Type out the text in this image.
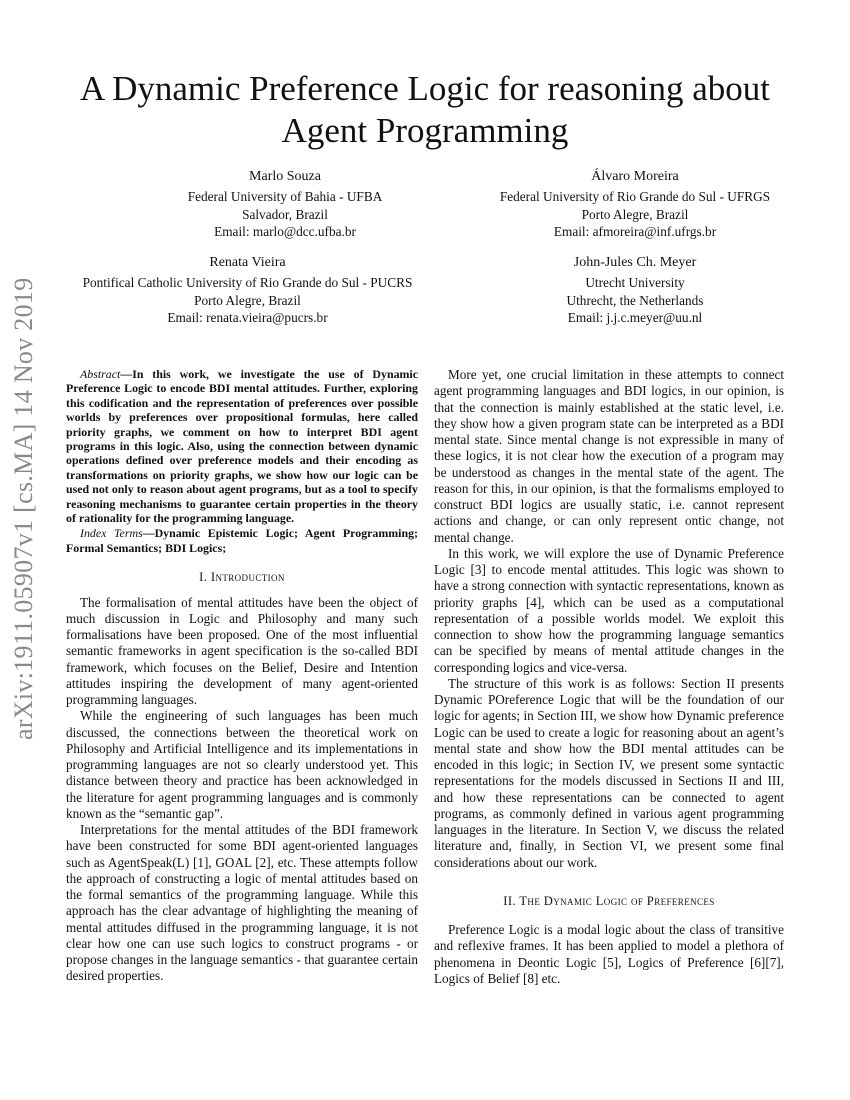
A Dynamic Preference Logic for reasoning about Agent Programming
arXiv:1911.05907v1 [cs.MA] 14 Nov 2019
Marlo Souza
Federal University of Bahia - UFBA
Salvador, Brazil
Email: marlo@dcc.ufba.br
Álvaro Moreira
Federal University of Rio Grande do Sul - UFRGS
Porto Alegre, Brazil
Email: afmoreira@inf.ufrgs.br
Renata Vieira
Pontifical Catholic University of Rio Grande do Sul - PUCRS
Porto Alegre, Brazil
Email: renata.vieira@pucrs.br
John-Jules Ch. Meyer
Utrecht University
Uthrecht, the Netherlands
Email: j.j.c.meyer@uu.nl

Abstract—In this work, we investigate the use of Dynamic Preference Logic to encode BDI mental attitudes. Further, exploring this codification and the representation of preferences over possible worlds by preferences over propositional formulas, here called priority graphs, we comment on how to interpret BDI agent programs in this logic. Also, using the connection between dynamic operations defined over preference models and their encoding as transformations on priority graphs, we show how our logic can be used not only to reason about agent programs, but as a tool to specify reasoning mechanisms to guarantee certain properties in the theory of rationality for the programming language.

Index Terms—Dynamic Epistemic Logic; Agent Programming; Formal Semantics; BDI Logics;

I. Introduction

The formalisation of mental attitudes have been the object of much discussion in Logic and Philosophy and many such formalisations have been proposed. One of the most influential semantic frameworks in agent specification is the so-called BDI framework, which focuses on the Belief, Desire and Intention attitudes inspiring the development of many agent-oriented programming languages.

While the engineering of such languages has been much discussed, the connections between the theoretical work on Philosophy and Artificial Intelligence and its implementations in programming languages are not so clearly understood yet. This distance between theory and practice has been acknowledged in the literature for agent programming languages and is commonly known as the “semantic gap”.

Interpretations for the mental attitudes of the BDI framework have been constructed for some BDI agent-oriented languages such as AgentSpeak(L) [1], GOAL [2], etc. These attempts follow the approach of constructing a logic of mental attitudes based on the formal semantics of the programming language. While this approach has the clear advantage of highlighting the meaning of mental attitudes diffused in the programming language, it is not clear how one can use such logics to construct programs - or propose changes in the language semantics - that guarantee certain desired properties.

More yet, one crucial limitation in these attempts to connect agent programming languages and BDI logics, in our opinion, is that the connection is mainly established at the static level, i.e. they show how a given program state can be interpreted as a BDI mental state. Since mental change is not expressible in many of these logics, it is not clear how the execution of a program may be understood as changes in the mental state of the agent. The reason for this, in our opinion, is that the formalisms employed to construct BDI logics are usually static, i.e. cannot represent actions and change, or can only represent ontic change, not mental change.

In this work, we will explore the use of Dynamic Preference Logic [3] to encode mental attitudes. This logic was shown to have a strong connection with syntactic representations, known as priority graphs [4], which can be used as a computational representation of a possible worlds model. We exploit this connection to show how the programming language semantics can be specified by means of mental attitude changes in the corresponding logics and vice-versa.

The structure of this work is as follows: Section II presents Dynamic POreference Logic that will be the foundation of our logic for agents; in Section III, we show how Dynamic preference Logic can be used to create a logic for reasoning about an agent’s mental state and show how the BDI mental attitudes can be encoded in this logic; in Section IV, we present some syntactic representations for the models discussed in Sections II and III, and how these representations can be connected to agent programs, as commonly defined in various agent programming languages in the literature. In Section V, we discuss the related literature and, finally, in Section VI, we present some final considerations about our work.

II. The Dynamic Logic of Preferences

Preference Logic is a modal logic about the class of transitive and reflexive frames. It has been applied to model a plethora of phenomena in Deontic Logic [5], Logics of Preference [6][7], Logics of Belief [8] etc.
